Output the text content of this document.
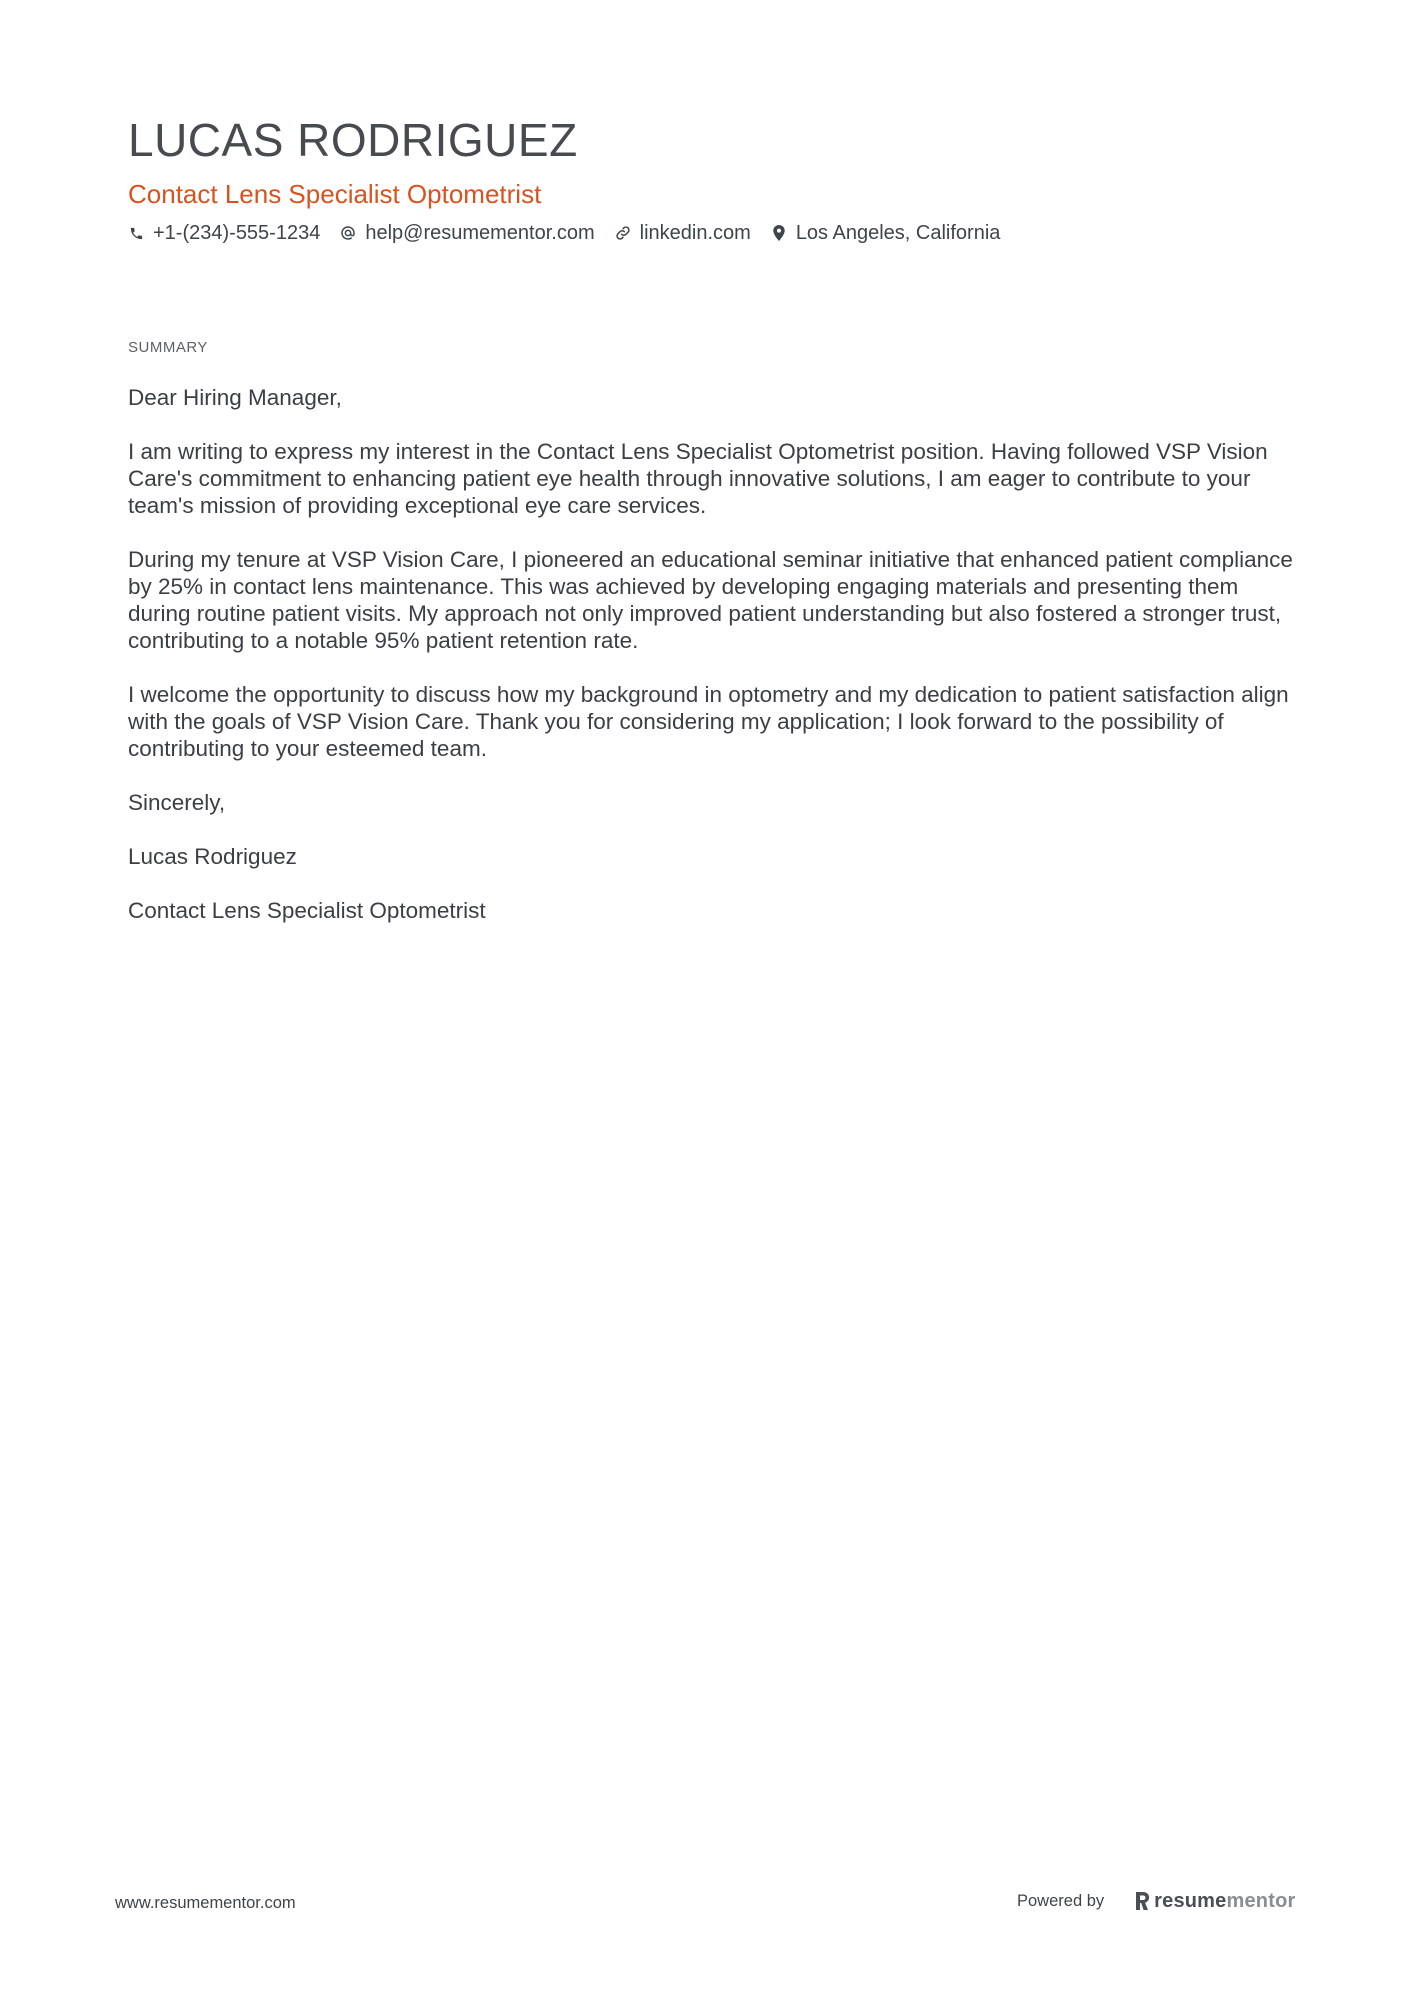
LUCAS RODRIGUEZ
Contact Lens Specialist Optometrist
+1-(234)-555-1234 help@resumementor.com linkedin.com Los Angeles, California
SUMMARY

Dear Hiring Manager,

I am writing to express my interest in the Contact Lens Specialist Optometrist position. Having followed VSP Vision Care's commitment to enhancing patient eye health through innovative solutions, I am eager to contribute to your team's mission of providing exceptional eye care services.

During my tenure at VSP Vision Care, I pioneered an educational seminar initiative that enhanced patient compliance by 25% in contact lens maintenance. This was achieved by developing engaging materials and presenting them during routine patient visits. My approach not only improved patient understanding but also fostered a stronger trust, contributing to a notable 95% patient retention rate.

I welcome the opportunity to discuss how my background in optometry and my dedication to patient satisfaction align with the goals of VSP Vision Care. Thank you for considering my application; I look forward to the possibility of contributing to your esteemed team.

Sincerely,

Lucas Rodriguez

Contact Lens Specialist Optometrist

www.resumementor.com	Powered by	resume mentor
